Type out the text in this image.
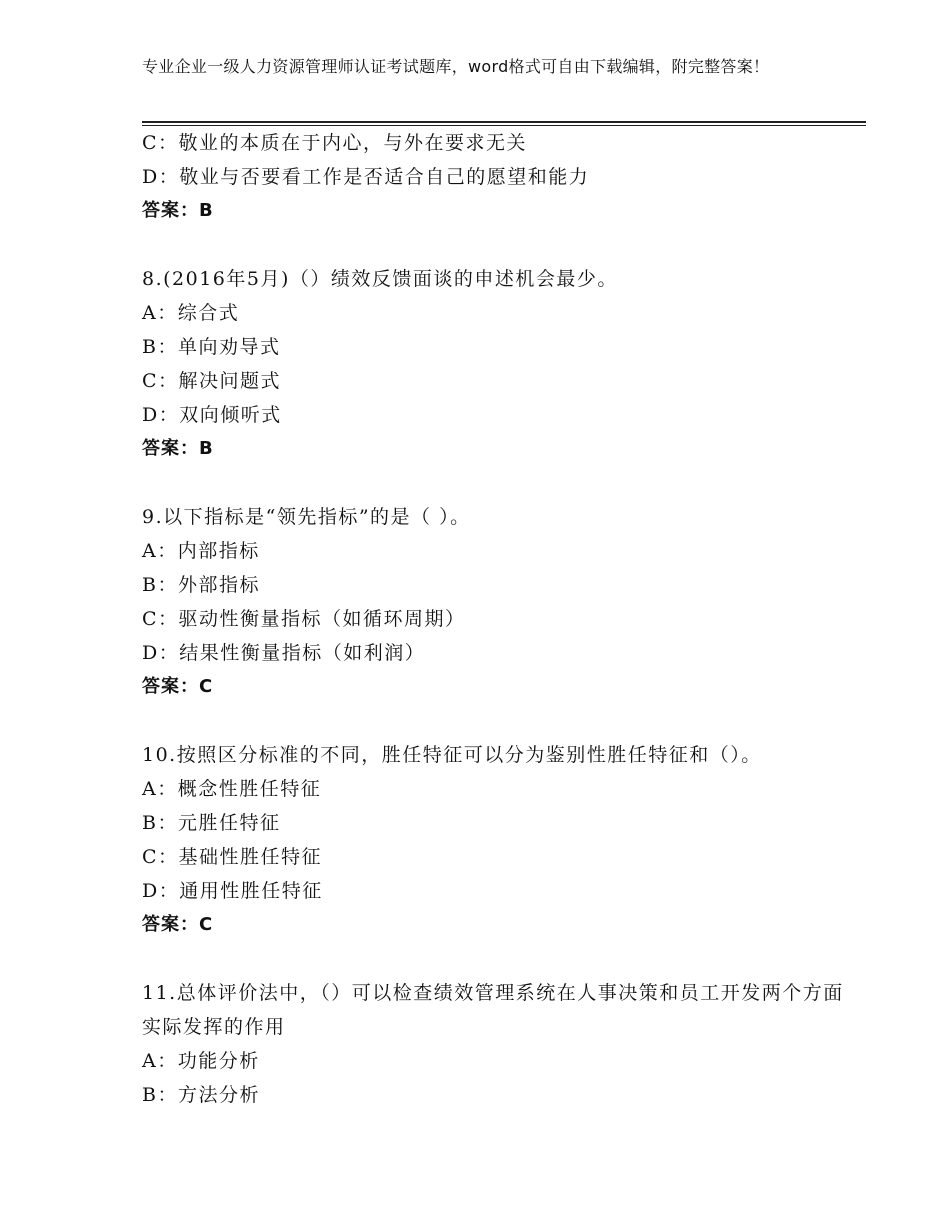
专业企业一级人力资源管理师认证考试题库，word格式可自由下载编辑，附完整答案！
C：敬业的本质在于内心，与外在要求无关
D：敬业与否要看工作是否适合自己的愿望和能力
答案：B
8.(2016年5月)（）绩效反馈面谈的申述机会最少。
A：综合式
B：单向劝导式
C：解决问题式
D：双向倾听式
答案：B
9.以下指标是“领先指标”的是（ ）。
A：内部指标
B：外部指标
C：驱动性衡量指标（如循环周期）
D：结果性衡量指标（如利润）
答案：C
10.按照区分标准的不同，胜任特征可以分为鉴别性胜任特征和（）。
A：概念性胜任特征
B：元胜任特征
C：基础性胜任特征
D：通用性胜任特征
答案：C
11.总体评价法中，（）可以检查绩效管理系统在人事决策和员工开发两个方面实际发挥的作用
A：功能分析
B：方法分析
